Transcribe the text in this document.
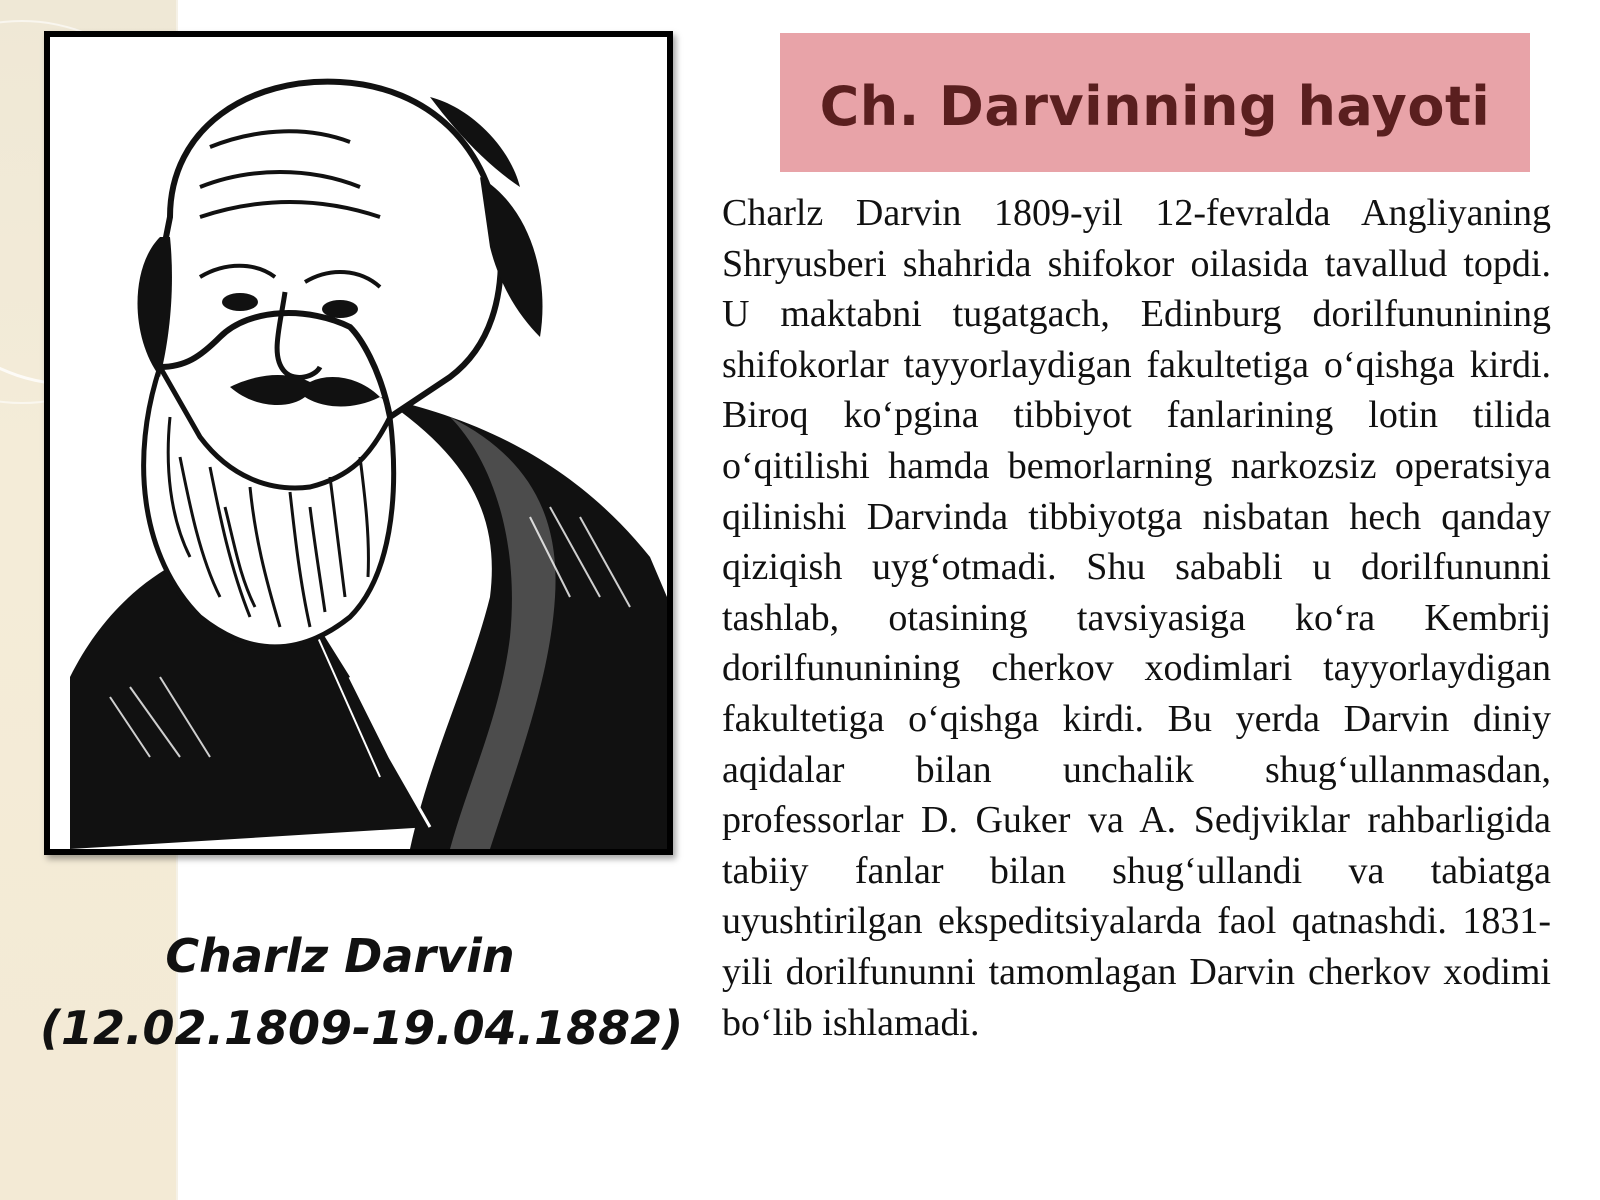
Charlz Darvin
(12.02.1809-19.04.1882)
Ch. Darvinning hayoti
Charlz Darvin 1809-yil 12-fevralda Angliyaning Shryusberi shahrida shifokor oilasida tavallud topdi. U maktabni tugatgach, Edinburg dorilfununining shifokorlar tayyorlaydigan fakultetiga o‘qishga kirdi. Biroq ko‘pgina tibbiyot fanlarining lotin tilida o‘qitilishi hamda bemorlarning narkozsiz operatsiya qilinishi Darvinda tibbiyotga nisbatan hech qanday qiziqish uyg‘otmadi. Shu sababli u dorilfununni tashlab, otasining tavsiyasiga ko‘ra Kembrij dorilfununining cherkov xodimlari tayyorlaydigan fakultetiga o‘qishga kirdi. Bu yerda Darvin diniy aqidalar bilan unchalik shug‘ullanmasdan, professorlar D. Guker va A. Sedjviklar rahbarligida tabiiy fanlar bilan shug‘ullandi va tabiatga uyushtirilgan ekspeditsiyalarda faol qatnashdi. 1831-yili dorilfununni tamomlagan Darvin cherkov xodimi bo‘lib ishlamadi.
